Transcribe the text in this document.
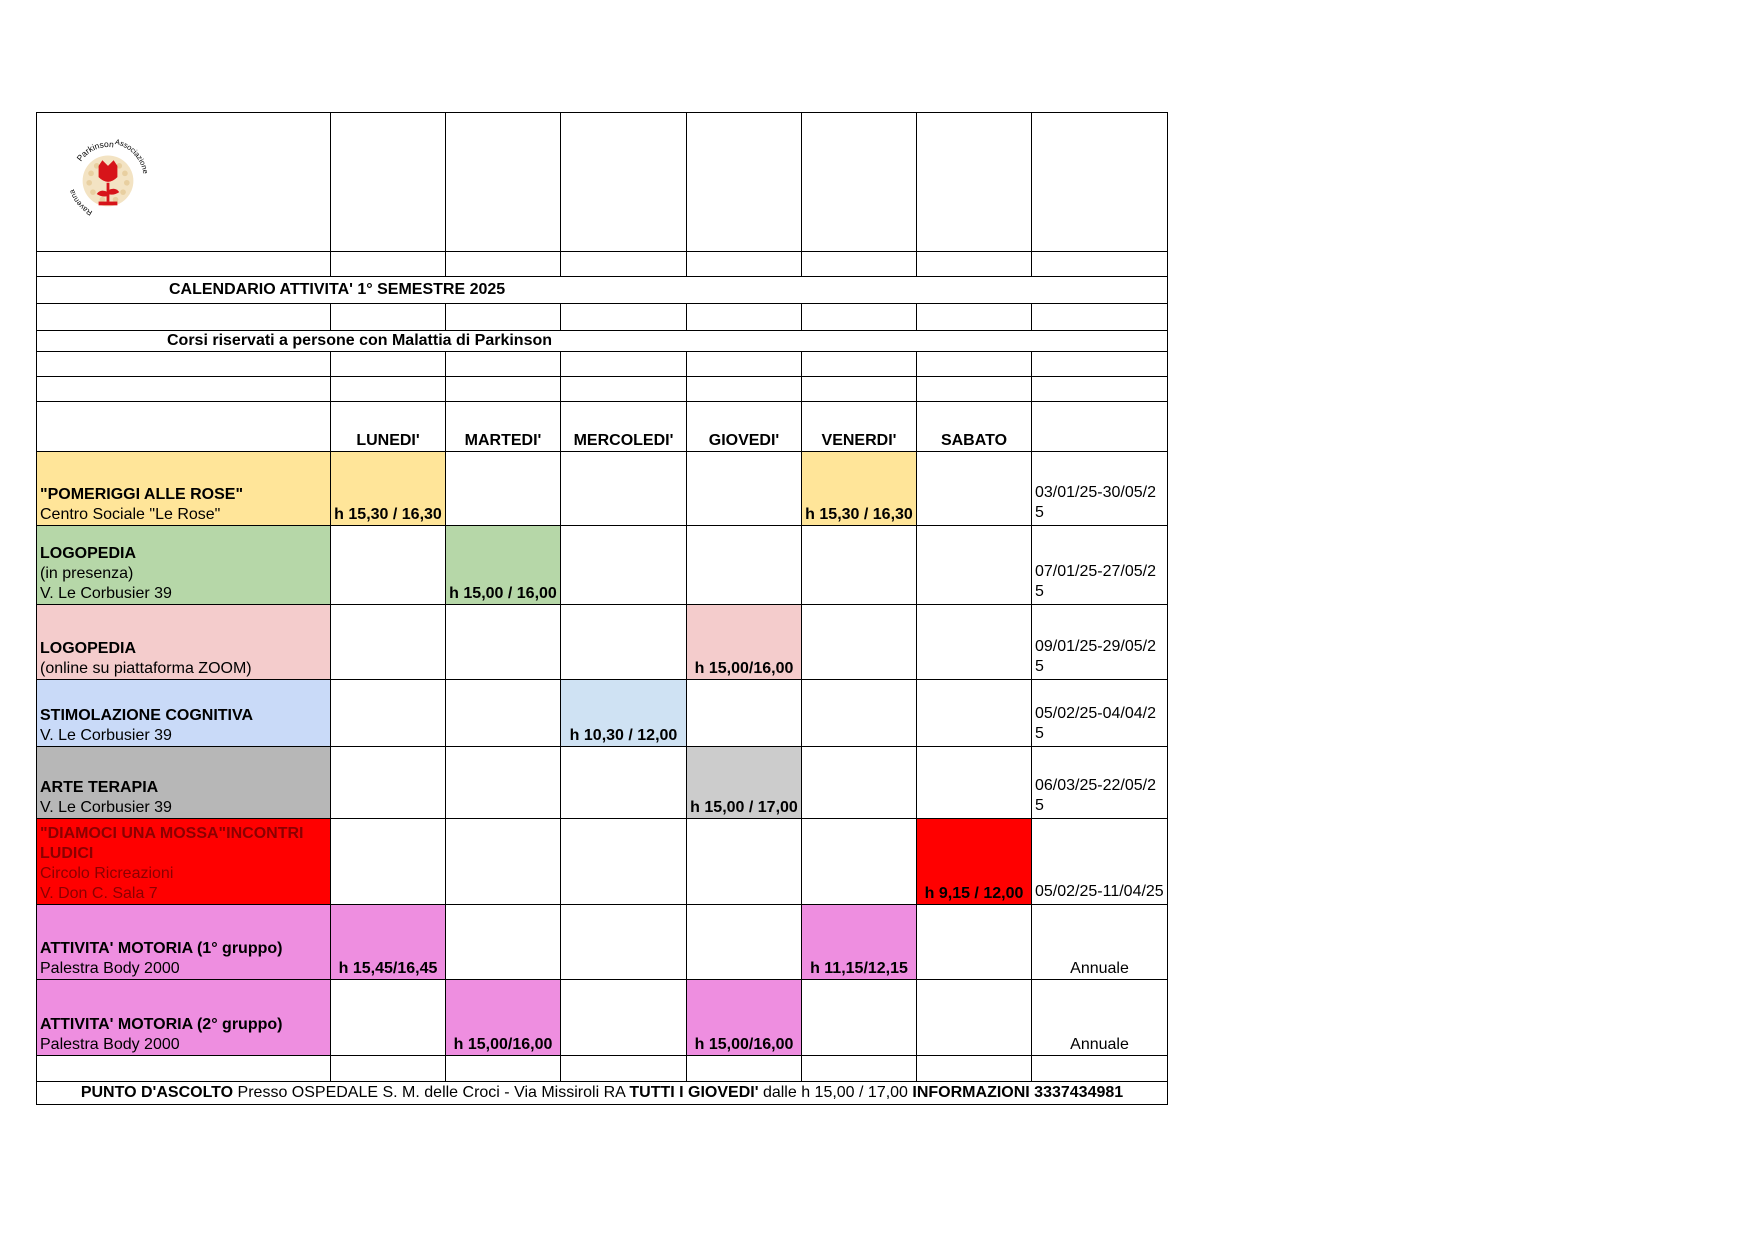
Parkinson Associazione
Ravenna							

CALENDARIO ATTIVITA' 1° SEMESTRE 2025							

Corsi riservati a persone con Malattia di Parkinson							

	LUNEDI'	MARTEDI'	MERCOLEDI'	GIOVEDI'	VENERDI'	SABATO	

"POMERIGGI ALLE ROSE"
Centro Sociale "Le Rose"	h 15,30 / 16,30				h 15,30 / 16,30		03/01/25-30/05/25

LOGOPEDIA
(in presenza)
V. Le Corbusier 39		h 15,00 / 16,00					07/01/25-27/05/25

LOGOPEDIA
(online su piattaforma ZOOM)				h 15,00/16,00			09/01/25-29/05/25

STIMOLAZIONE COGNITIVA
V. Le Corbusier 39			h 10,30 / 12,00				05/02/25-04/04/25

ARTE TERAPIA
V. Le Corbusier 39				h 15,00 / 17,00			06/03/25-22/05/25

"DIAMOCI UNA MOSSA"INCONTRI LUDICI
Circolo Ricreazioni
V. Don C. Sala 7						h 9,15 / 12,00	05/02/25-11/04/25

ATTIVITA' MOTORIA (1° gruppo)
Palestra Body 2000	h 15,45/16,45				h 11,15/12,15		Annuale

ATTIVITA' MOTORIA (2° gruppo)
Palestra Body 2000		h 15,00/16,00		h 15,00/16,00			Annuale

PUNTO D'ASCOLTO Presso OSPEDALE S. M. delle Croci - Via Missiroli RA TUTTI I GIOVEDI' dalle h 15,00 / 17,00 INFORMAZIONI 3337434981							
